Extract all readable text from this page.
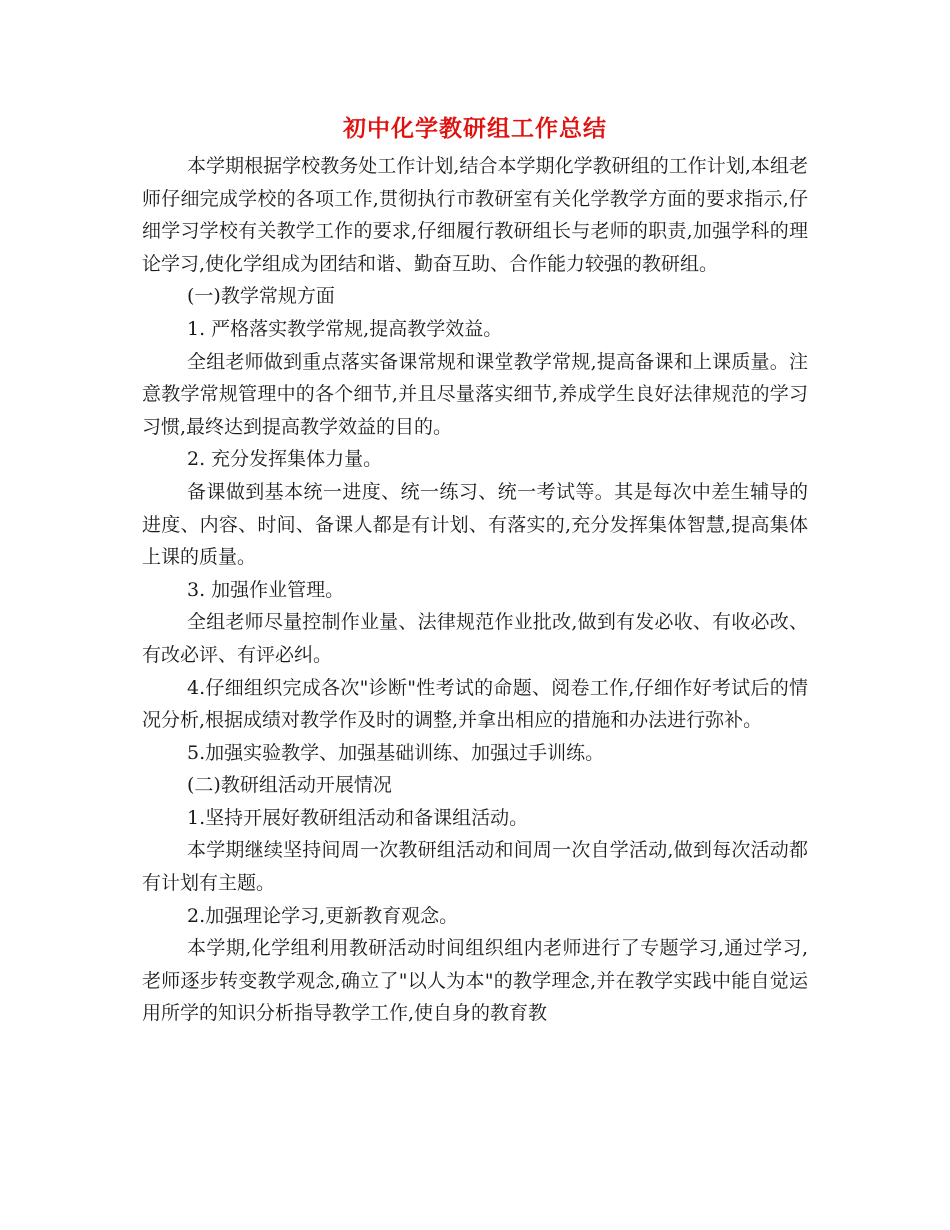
初中化学教研组工作总结

本学期根据学校教务处工作计划,结合本学期化学教研组的工作计划,本组老师仔细完成学校的各项工作,贯彻执行市教研室有关化学教学方面的要求指示,仔细学习学校有关教学工作的要求,仔细履行教研组长与老师的职责,加强学科的理论学习,使化学组成为团结和谐、勤奋互助、合作能力较强的教研组。

(一)教学常规方面

1. 严格落实教学常规,提高教学效益。

全组老师做到重点落实备课常规和课堂教学常规,提高备课和上课质量。注意教学常规管理中的各个细节,并且尽量落实细节,养成学生良好法律规范的学习习惯,最终达到提高教学效益的目的。

2. 充分发挥集体力量。

备课做到基本统一进度、统一练习、统一考试等。其是每次中差生辅导的进度、内容、时间、备课人都是有计划、有落实的,充分发挥集体智慧,提高集体上课的质量。

3. 加强作业管理。

全组老师尽量控制作业量、法律规范作业批改,做到有发必收、有收必改、有改必评、有评必纠。

4.仔细组织完成各次"诊断"性考试的命题、阅卷工作,仔细作好考试后的情况分析,根据成绩对教学作及时的调整,并拿出相应的措施和办法进行弥补。

5.加强实验教学、加强基础训练、加强过手训练。

(二)教研组活动开展情况

1.坚持开展好教研组活动和备课组活动。

本学期继续坚持间周一次教研组活动和间周一次自学活动,做到每次活动都有计划有主题。

2.加强理论学习,更新教育观念。

本学期,化学组利用教研活动时间组织组内老师进行了专题学习,通过学习,老师逐步转变教学观念,确立了"以人为本"的教学理念,并在教学实践中能自觉运用所学的知识分析指导教学工作,使自身的教育教
